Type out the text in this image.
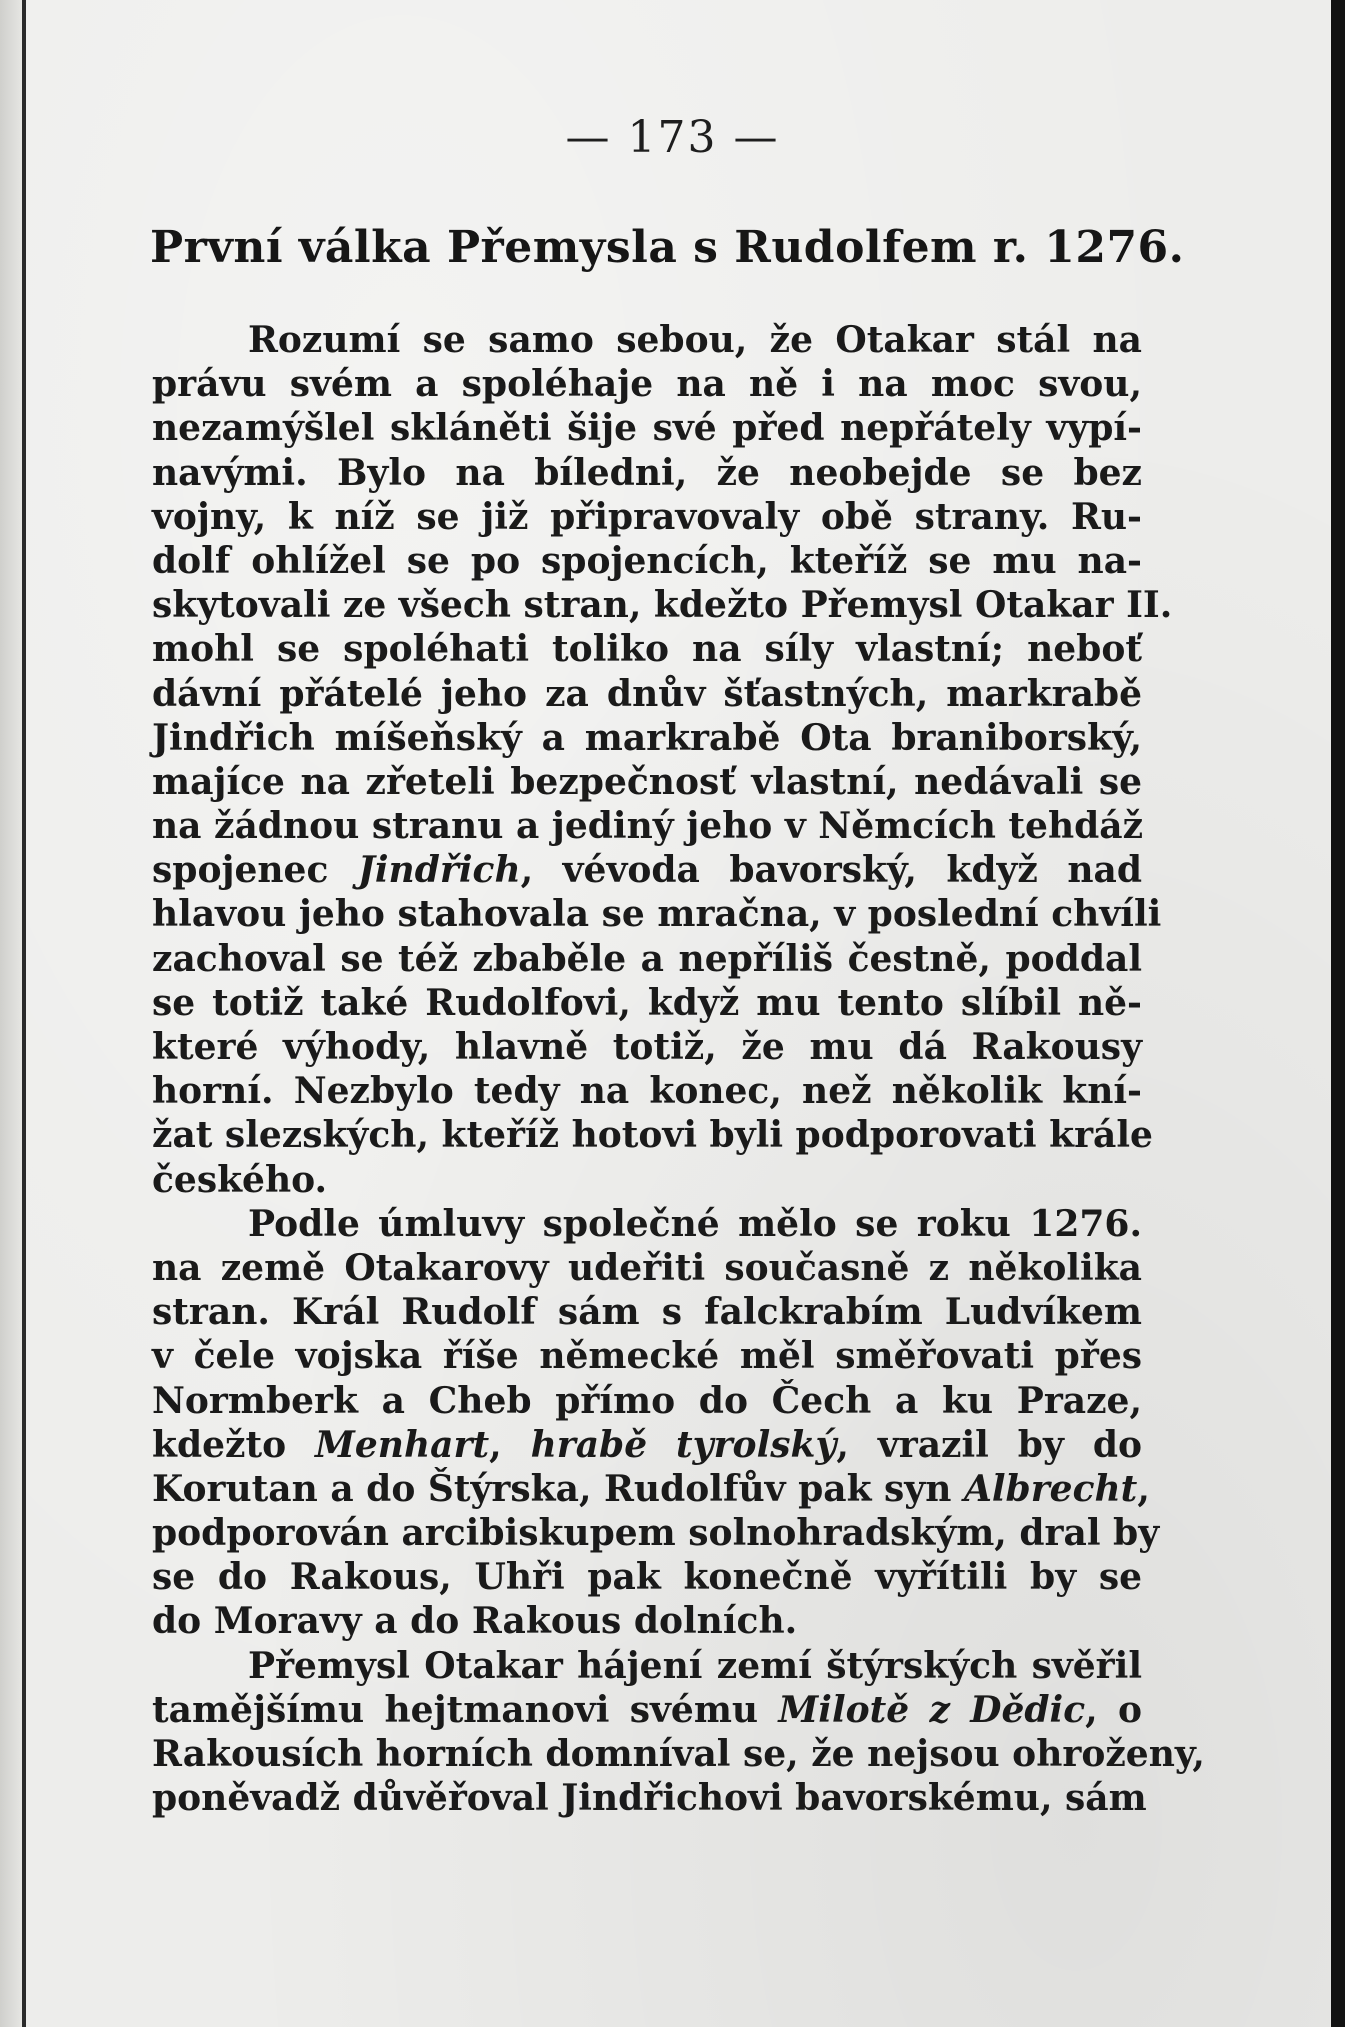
— 173 —
První válka Přemysla s Rudolfem r. 1276.
Rozumí se samo sebou, že Otakar stál na
právu svém a spoléhaje na ně i na moc svou,
nezamýšlel skláněti šije své před nepřátely vypí-
navými. Bylo na bíledni, že neobejde se bez
vojny, k níž se již připravovaly obě strany. Ru-
dolf ohlížel se po spojencích, kteříž se mu na-
skytovali ze všech stran, kdežto Přemysl Otakar II.
mohl se spoléhati toliko na síly vlastní; neboť
dávní přátelé jeho za dnův šťastných, markrabě
Jindřich míšeňský a markrabě Ota braniborský,
majíce na zřeteli bezpečnosť vlastní, nedávali se
na žádnou stranu a jediný jeho v Němcích tehdáž
spojenec Jindřich, vévoda bavorský, když nad
hlavou jeho stahovala se mračna, v poslední chvíli
zachoval se též zbaběle a nepříliš čestně, poddal
se totiž také Rudolfovi, když mu tento slíbil ně-
které výhody, hlavně totiž, že mu dá Rakousy
horní. Nezbylo tedy na konec, než několik kní-
žat slezských, kteříž hotovi byli podporovati krále
českého.
Podle úmluvy společné mělo se roku 1276.
na země Otakarovy udeřiti současně z několika
stran. Král Rudolf sám s falckrabím Ludvíkem
v čele vojska říše německé měl směřovati přes
Normberk a Cheb přímo do Čech a ku Praze,
kdežto Menhart, hrabě tyrolský, vrazil by do
Korutan a do Štýrska, Rudolfův pak syn Albrecht,
podporován arcibiskupem solnohradským, dral by
se do Rakous, Uhři pak konečně vyřítili by se
do Moravy a do Rakous dolních.
Přemysl Otakar hájení zemí štýrských svěřil
tamějšímu hejtmanovi svému Milotě z Dědic, o
Rakousích horních domníval se, že nejsou ohroženy,
poněvadž důvěřoval Jindřichovi bavorskému, sám
